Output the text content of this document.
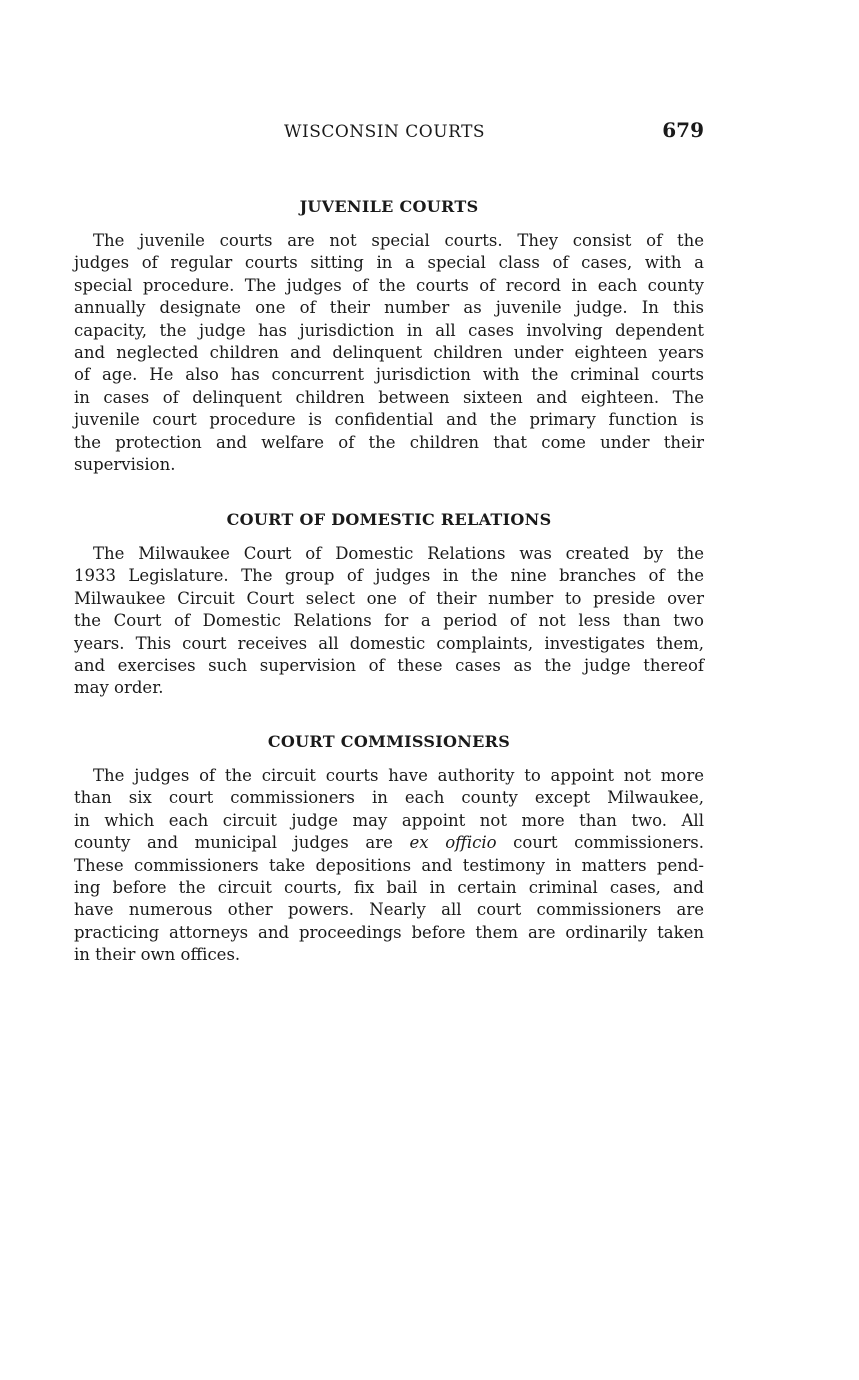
WISCONSIN COURTS	679
JUVENILE COURTS

The juvenile courts are not special courts. They consist of the
judges of regular courts sitting in a special class of cases, with a
special procedure. The judges of the courts of record in each county
annually designate one of their number as juvenile judge. In this
capacity, the judge has jurisdiction in all cases involving dependent
and neglected children and delinquent children under eighteen years
of age. He also has concurrent jurisdiction with the criminal courts
in cases of delinquent children between sixteen and eighteen. The
juvenile court procedure is confidential and the primary function is
the protection and welfare of the children that come under their
supervision.

COURT OF DOMESTIC RELATIONS

The Milwaukee Court of Domestic Relations was created by the
1933 Legislature. The group of judges in the nine branches of the
Milwaukee Circuit Court select one of their number to preside over
the Court of Domestic Relations for a period of not less than two
years. This court receives all domestic complaints, investigates them,
and exercises such supervision of these cases as the judge thereof
may order.

COURT COMMISSIONERS

The judges of the circuit courts have authority to appoint not more
than six court commissioners in each county except Milwaukee,
in which each circuit judge may appoint not more than two. All
county and municipal judges are ex officio court commissioners.
These commissioners take depositions and testimony in matters pend-
ing before the circuit courts, fix bail in certain criminal cases, and
have numerous other powers. Nearly all court commissioners are
practicing attorneys and proceedings before them are ordinarily taken
in their own offices.
